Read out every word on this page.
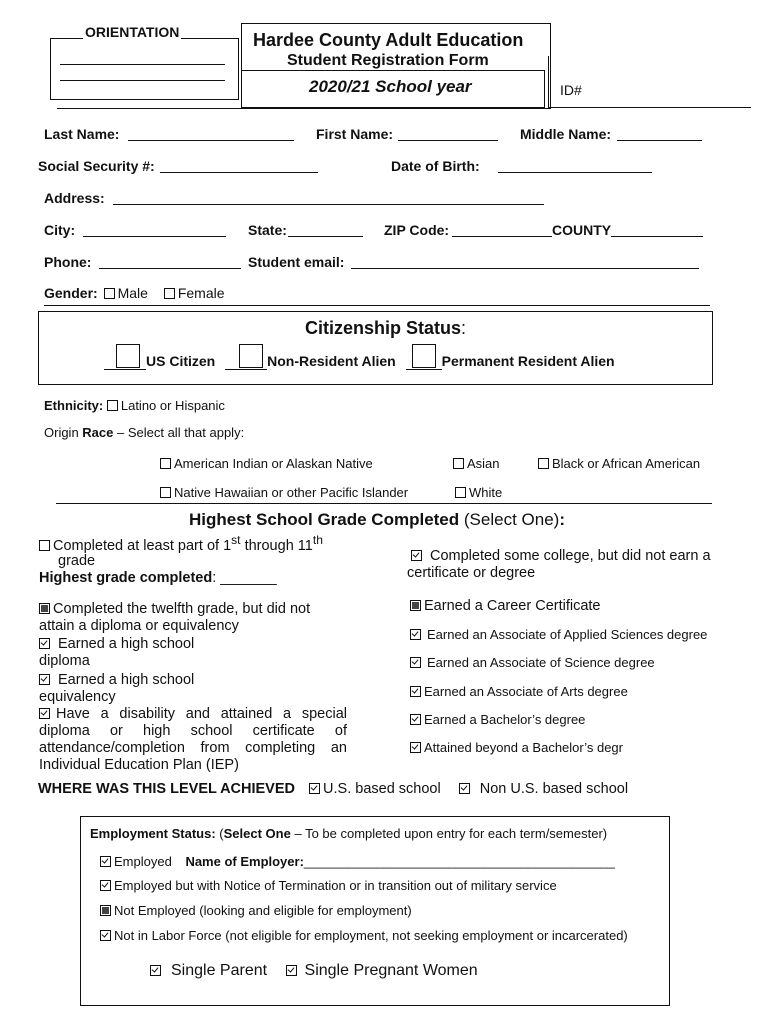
ORIENTATION	Hardee County Adult Education
Student Registration Form
2020/21 School year	ID#
Last Name:	First Name:	Middle Name:
Social Security #:	Date of Birth:
Address:
City:	State:	ZIP Code:	COUNTY
Phone:	Student email:
Gender: Male Female
Citizenship Status:
US Citizen	Non-Resident Alien	Permanent Resident Alien
Ethnicity: Latino or Hispanic
Origin Race – Select all that apply:
American Indian or Alaskan Native	Asian	Black or African American
Native Hawaiian or other Pacific Islander	White
Highest School Grade Completed (Select One):
Completed at least part of 1st through 11th
grade
Highest grade completed: _______
Completed the twelfth grade, but did not attain a diploma or equivalency
Earned a high school diploma
Earned a high school equivalency
Have a disability and attained a special diploma or high school certificate of attendance/completion from completing an Individual Education Plan (IEP)
Completed some college, but did not earn a certificate or degree
Earned a Career Certificate
Earned an Associate of Applied Sciences degree
Earned an Associate of Science degree
Earned an Associate of Arts degree
Earned a Bachelor’s degree
Attained beyond a Bachelor’s degr
WHERE WAS THIS LEVEL ACHIEVED U.S. based school	Non U.S. based school
Employment Status: (Select One – To be completed upon entry for each term/semester)
Employed Name of Employer:___________________________________________
Employed but with Notice of Termination or in transition out of military service
Not Employed (looking and eligible for employment)
Not in Labor Force (not eligible for employment, not seeking employment or incarcerated)
Single Parent Single Pregnant Women
